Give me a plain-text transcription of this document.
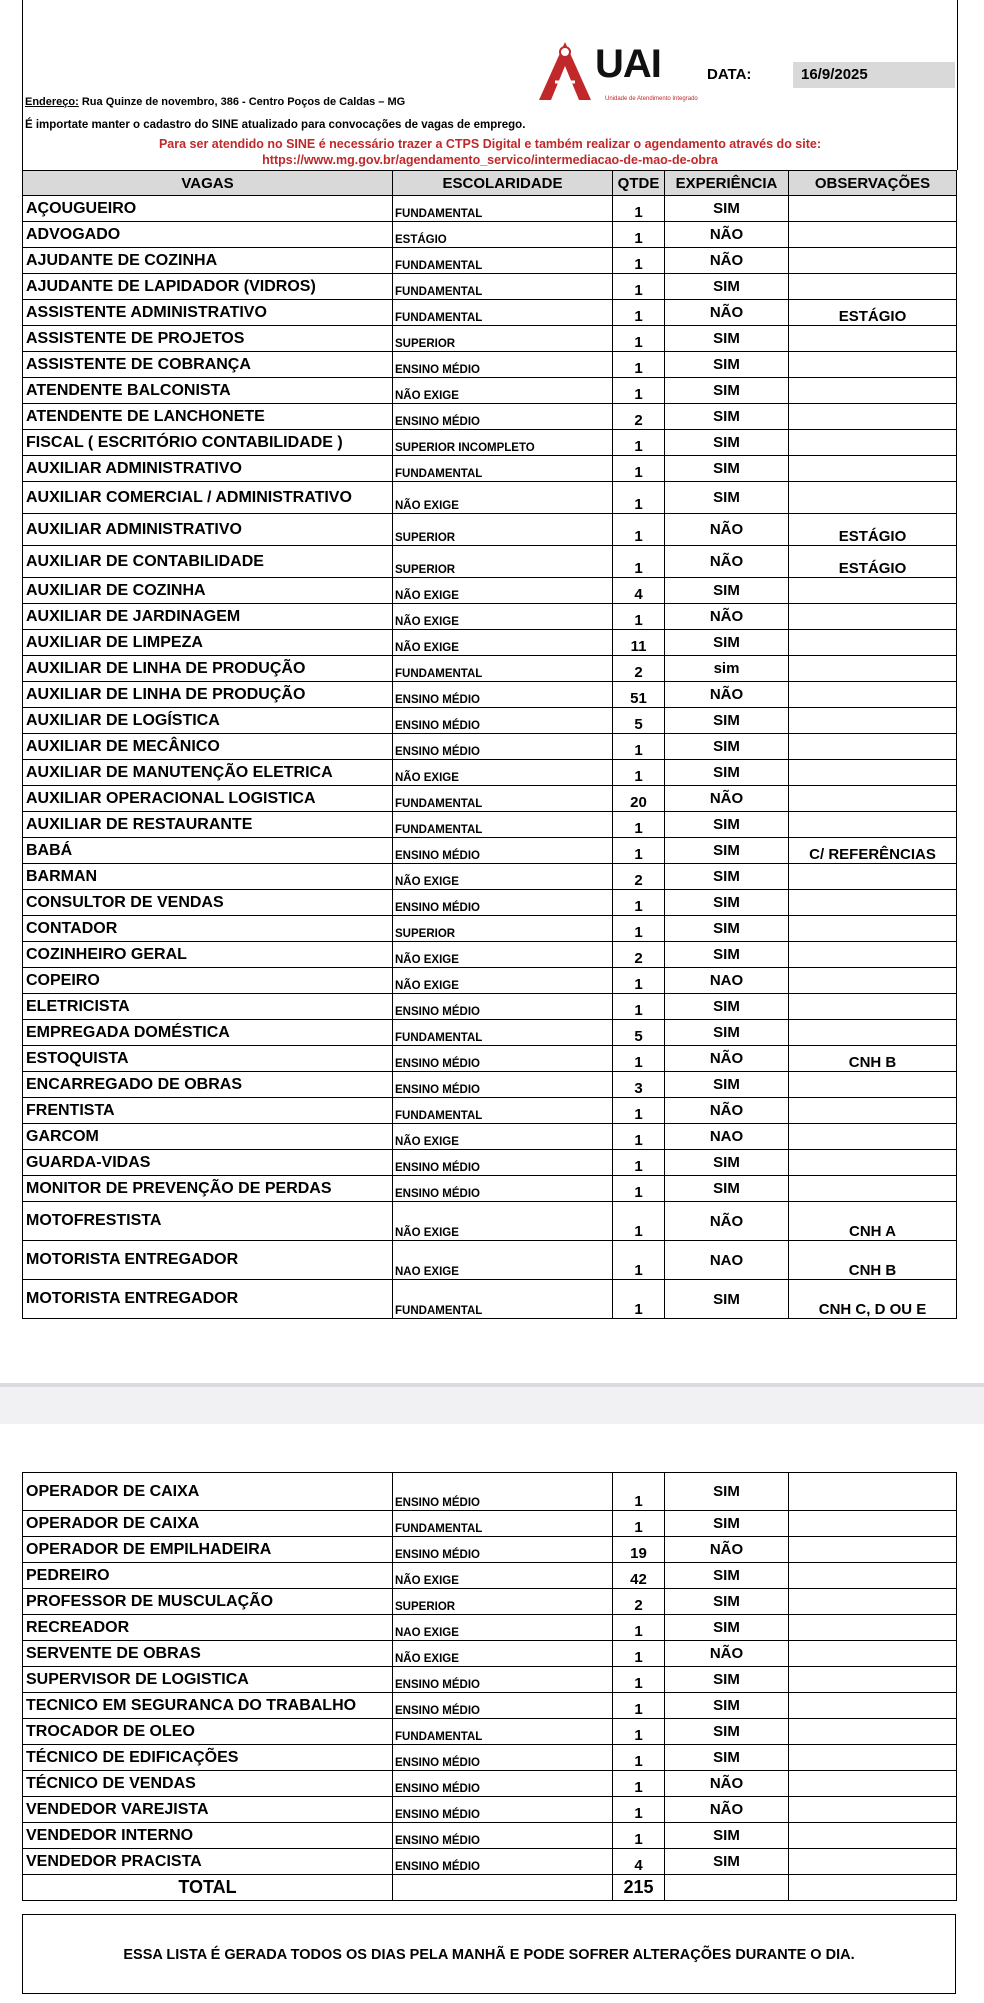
UAI
Unidade de Atendimento Integrado
DATA:	16/9/2025
Endereço: Rua Quinze de novembro, 386 - Centro Poços de Caldas – MG
É importate manter o cadastro do SINE atualizado para convocações de vagas de emprego.
Para ser atendido no SINE é necessário trazer a CTPS Digital e também realizar o agendamento através do site:
https://www.mg.gov.br/agendamento_servico/intermediacao-de-mao-de-obra
VAGAS	ESCOLARIDADE	QTDE	EXPERIÊNCIA	OBSERVAÇÕES
AÇOUGUEIRO	FUNDAMENTAL	1	SIM	
ADVOGADO	ESTÁGIO	1	NÃO	
AJUDANTE DE COZINHA	FUNDAMENTAL	1	NÃO	
AJUDANTE DE LAPIDADOR (VIDROS)	FUNDAMENTAL	1	SIM	
ASSISTENTE ADMINISTRATIVO	FUNDAMENTAL	1	NÃO	ESTÁGIO
ASSISTENTE DE PROJETOS	SUPERIOR	1	SIM	
ASSISTENTE DE COBRANÇA	ENSINO MÉDIO	1	SIM	
ATENDENTE BALCONISTA	NÃO EXIGE	1	SIM	
ATENDENTE DE LANCHONETE	ENSINO MÉDIO	2	SIM	
FISCAL ( ESCRITÓRIO CONTABILIDADE )	SUPERIOR INCOMPLETO	1	SIM	
AUXILIAR ADMINISTRATIVO	FUNDAMENTAL	1	SIM	
AUXILIAR COMERCIAL / ADMINISTRATIVO	NÃO EXIGE	1	SIM	
AUXILIAR ADMINISTRATIVO	SUPERIOR	1	NÃO	ESTÁGIO
AUXILIAR DE CONTABILIDADE	SUPERIOR	1	NÃO	ESTÁGIO
AUXILIAR DE COZINHA	NÃO EXIGE	4	SIM	
AUXILIAR DE JARDINAGEM	NÃO EXIGE	1	NÃO	
AUXILIAR DE LIMPEZA	NÃO EXIGE	11	SIM	
AUXILIAR DE LINHA DE PRODUÇÃO	FUNDAMENTAL	2	sim	
AUXILIAR DE LINHA DE PRODUÇÃO	ENSINO MÉDIO	51	NÃO	
AUXILIAR DE LOGÍSTICA	ENSINO MÉDIO	5	SIM	
AUXILIAR DE MECÂNICO	ENSINO MÉDIO	1	SIM	
AUXILIAR DE MANUTENÇÃO ELETRICA	NÃO EXIGE	1	SIM	
AUXILIAR OPERACIONAL LOGISTICA	FUNDAMENTAL	20	NÃO	
AUXILIAR DE RESTAURANTE	FUNDAMENTAL	1	SIM	
BABÁ	ENSINO MÉDIO	1	SIM	C/ REFERÊNCIAS
BARMAN	NÃO EXIGE	2	SIM	
CONSULTOR DE VENDAS	ENSINO MÉDIO	1	SIM	
CONTADOR	SUPERIOR	1	SIM	
COZINHEIRO GERAL	NÃO EXIGE	2	SIM	
COPEIRO	NÃO EXIGE	1	NAO	
ELETRICISTA	ENSINO MÉDIO	1	SIM	
EMPREGADA DOMÉSTICA	FUNDAMENTAL	5	SIM	
ESTOQUISTA	ENSINO MÉDIO	1	NÃO	CNH B
ENCARREGADO DE OBRAS	ENSINO MÉDIO	3	SIM	
FRENTISTA	FUNDAMENTAL	1	NÃO	
GARCOM	NÃO EXIGE	1	NAO	
GUARDA-VIDAS	ENSINO MÉDIO	1	SIM	
MONITOR DE PREVENÇÃO DE PERDAS	ENSINO MÉDIO	1	SIM	
MOTOFRESTISTA	NÃO EXIGE	1	NÃO	CNH A
MOTORISTA ENTREGADOR	NAO EXIGE	1	NAO	CNH B
MOTORISTA ENTREGADOR	FUNDAMENTAL	1	SIM	CNH C, D OU E
OPERADOR DE CAIXA	ENSINO MÉDIO	1	SIM	
OPERADOR DE CAIXA	FUNDAMENTAL	1	SIM	
OPERADOR DE EMPILHADEIRA	ENSINO MÉDIO	19	NÃO	
PEDREIRO	NÃO EXIGE	42	SIM	
PROFESSOR DE MUSCULAÇÃO	SUPERIOR	2	SIM	
RECREADOR	NAO EXIGE	1	SIM	
SERVENTE DE OBRAS	NÃO EXIGE	1	NÃO	
SUPERVISOR DE LOGISTICA	ENSINO MÉDIO	1	SIM	
TECNICO EM SEGURANCA DO TRABALHO	ENSINO MÉDIO	1	SIM	
TROCADOR DE OLEO	FUNDAMENTAL	1	SIM	
TÉCNICO DE EDIFICAÇÕES	ENSINO MÉDIO	1	SIM	
TÉCNICO DE VENDAS	ENSINO MÉDIO	1	NÃO	
VENDEDOR VAREJISTA	ENSINO MÉDIO	1	NÃO	
VENDEDOR INTERNO	ENSINO MÉDIO	1	SIM	
VENDEDOR PRACISTA	ENSINO MÉDIO	4	SIM	
TOTAL		215		
ESSA LISTA É GERADA TODOS OS DIAS PELA MANHÃ E PODE SOFRER ALTERAÇÕES DURANTE O DIA.
